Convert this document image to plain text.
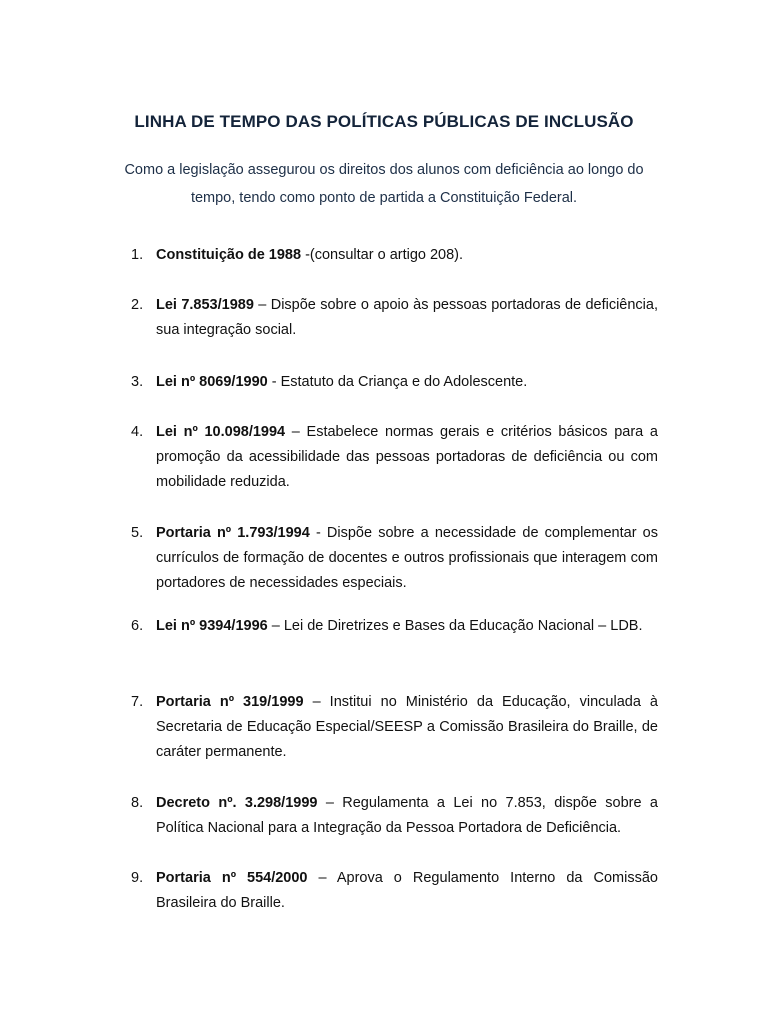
LINHA DE TEMPO DAS POLÍTICAS PÚBLICAS DE INCLUSÃO
Como a legislação assegurou os direitos dos alunos com deficiência ao longo do tempo, tendo como ponto de partida a Constituição Federal.
1. Constituição de 1988 -(consultar o artigo 208).
2. Lei 7.853/1989 – Dispõe sobre o apoio às pessoas portadoras de deficiência, sua integração social.
3. Lei nº 8069/1990 - Estatuto da Criança e do Adolescente.
4. Lei nº 10.098/1994 – Estabelece normas gerais e critérios básicos para a promoção da acessibilidade das pessoas portadoras de deficiência ou com mobilidade reduzida.
5. Portaria nº 1.793/1994 - Dispõe sobre a necessidade de complementar os currículos de formação de docentes e outros profissionais que interagem com portadores de necessidades especiais.
6. Lei nº 9394/1996 – Lei de Diretrizes e Bases da Educação Nacional – LDB.
7. Portaria nº 319/1999 – Institui no Ministério da Educação, vinculada à Secretaria de Educação Especial/SEESP a Comissão Brasileira do Braille, de caráter permanente.
8. Decreto nº. 3.298/1999 – Regulamenta a Lei no 7.853, dispõe sobre a Política Nacional para a Integração da Pessoa Portadora de Deficiência.
9. Portaria nº 554/2000 – Aprova o Regulamento Interno da Comissão Brasileira do Braille.
